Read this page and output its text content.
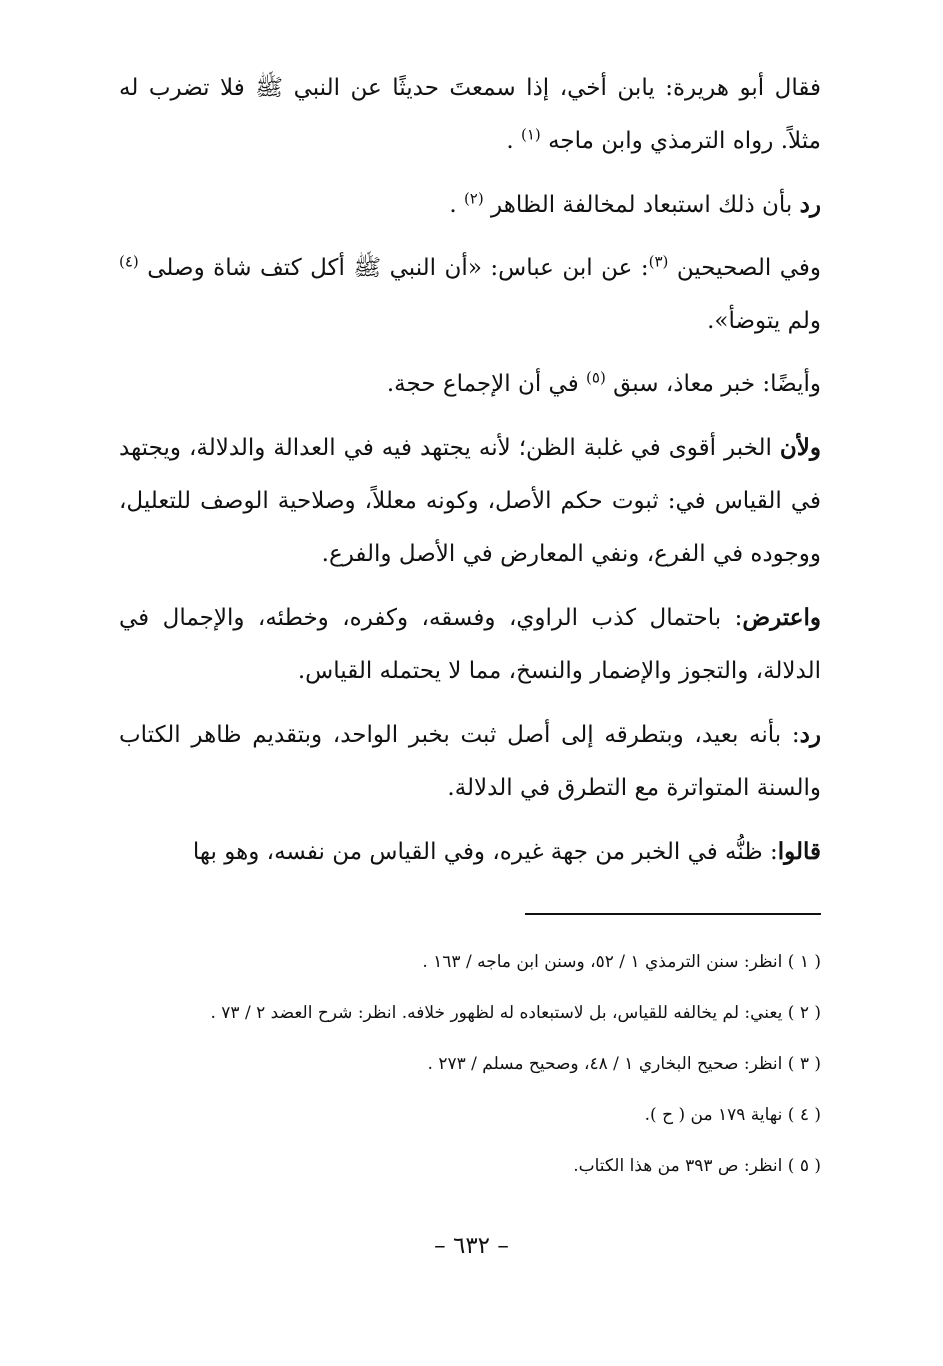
فقال أبو هريرة: يابن أخي، إذا سمعتَ حديثًا عن النبي ﷺ فلا تضرب له مثلاً. رواه الترمذي وابن ماجه $^{(١)}$ .

رد بأن ذلك استبعاد لمخالفة الظاهر $^{(٢)}$ .

وفي الصحيحين $^{(٣)}$: عن ابن عباس: «أن النبي ﷺ أكل كتف شاة وصلى $^{(٤)}$ ولم يتوضأ».

وأيضًا: خبر معاذ، سبق $^{(٥)}$ في أن الإجماع حجة.

ولأن الخبر أقوى في غلبة الظن؛ لأنه يجتهد فيه في العدالة والدلالة، ويجتهد في القياس في: ثبوت حكم الأصل، وكونه معللاً، وصلاحية الوصف للتعليل، ووجوده في الفرع، ونفي المعارض في الأصل والفرع.

واعترض: باحتمال كذب الراوي، وفسقه، وكفره، وخطئه، والإجمال في الدلالة، والتجوز والإضمار والنسخ، مما لا يحتمله القياس.

رد: بأنه بعيد، وبتطرقه إلى أصل ثبت بخبر الواحد، وبتقديم ظاهر الكتاب والسنة المتواترة مع التطرق في الدلالة.

قالوا: ظنُّه في الخبر من جهة غيره، وفي القياس من نفسه، وهو بها

( ١ ) انظر: سنن الترمذي ١ / ٥٢، وسنن ابن ماجه / ١٦٣ .

( ٢ ) يعني: لم يخالفه للقياس، بل لاستبعاده له لظهور خلافه. انظر: شرح العضد ٢ / ٧٣ .

( ٣ ) انظر: صحيح البخاري ١ / ٤٨، وصحيح مسلم / ٢٧٣ .

( ٤ ) نهاية ١٧٩ من ( ح ).

( ٥ ) انظر: ص ٣٩٣ من هذا الكتاب.

– ٦٣٢ –
